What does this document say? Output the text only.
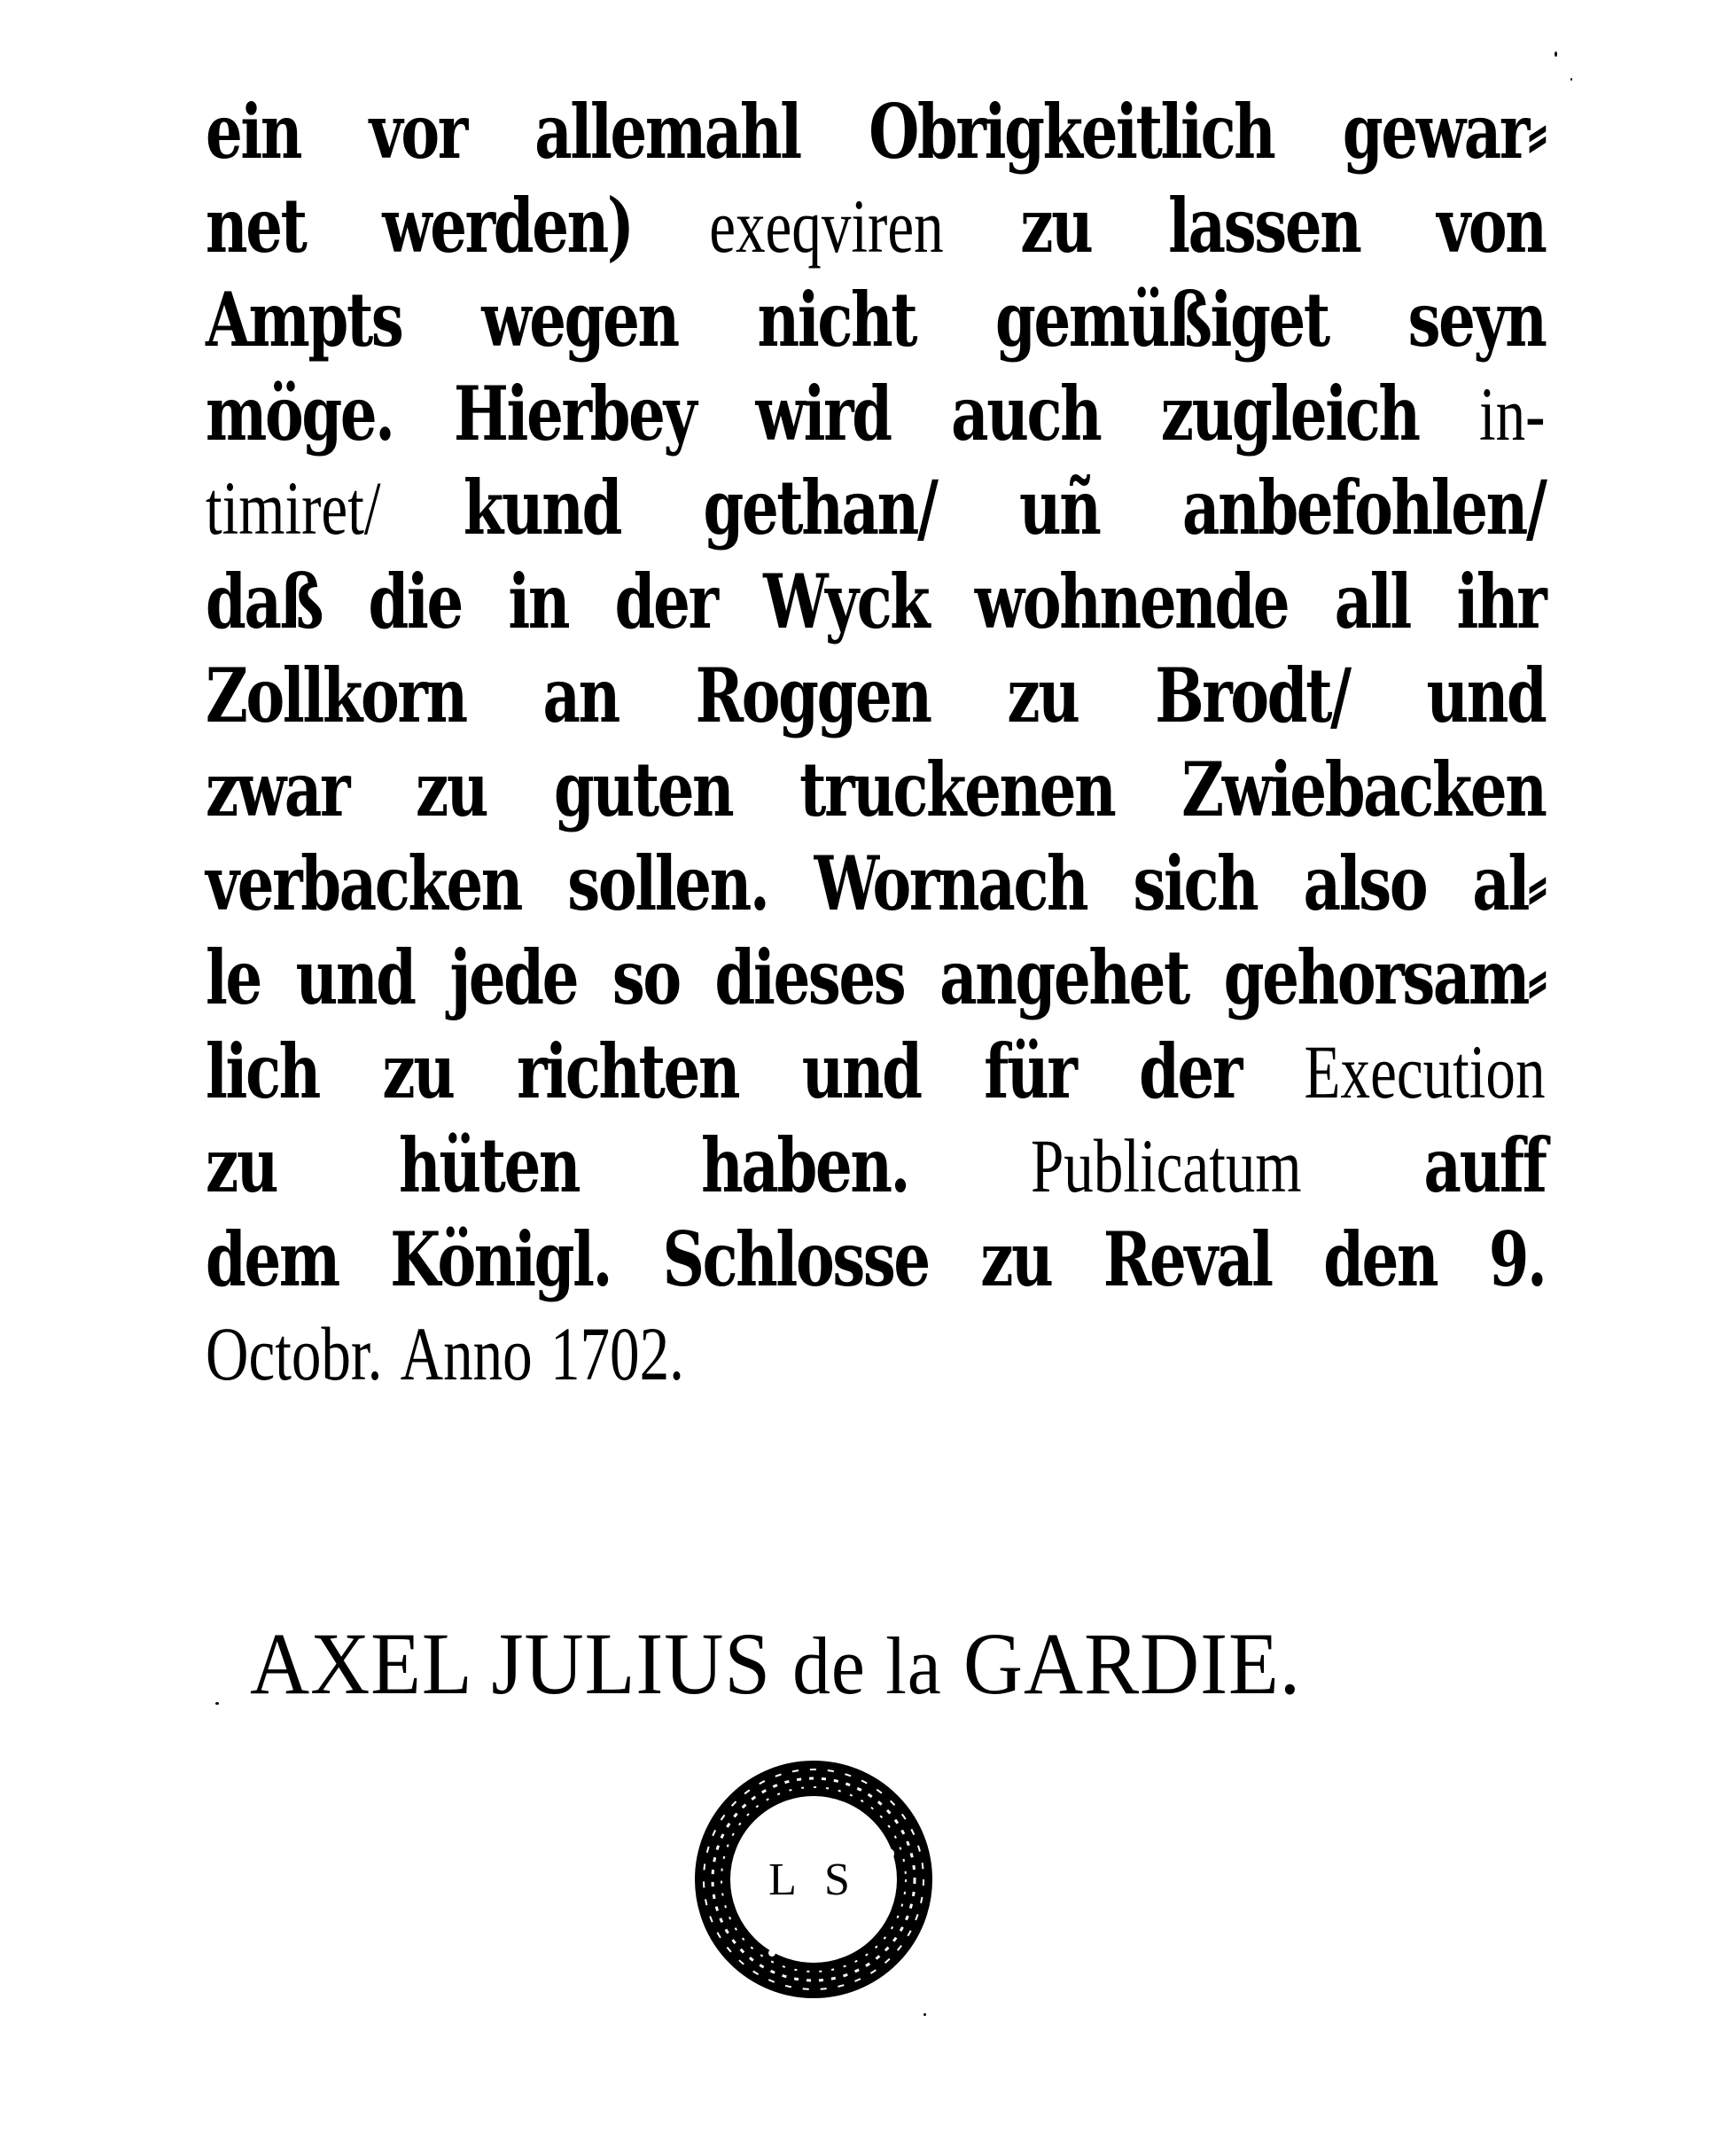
ein vor allemahl Obrigkeitlich gewar⸗
net werden) exeqviren zu lassen von
Ampts wegen nicht gemüßiget seyn
möge. Hierbey wird auch zugleich in-
timiret/ kund gethan/ uñ anbefohlen/
daß die in der Wyck wohnende all ihr
Zollkorn an Roggen zu Brodt/ und
zwar zu guten truckenen Zwiebacken
verbacken sollen. Wornach sich also al⸗
le und jede so dieses angehet gehorsam⸗
lich zu richten und für der Execution
zu hüten haben. Publicatum auff
dem Königl. Schlosse zu Reval den 9.
Octobr. Anno 1702.
AXEL JULIUS de la GARDIE.
L S
